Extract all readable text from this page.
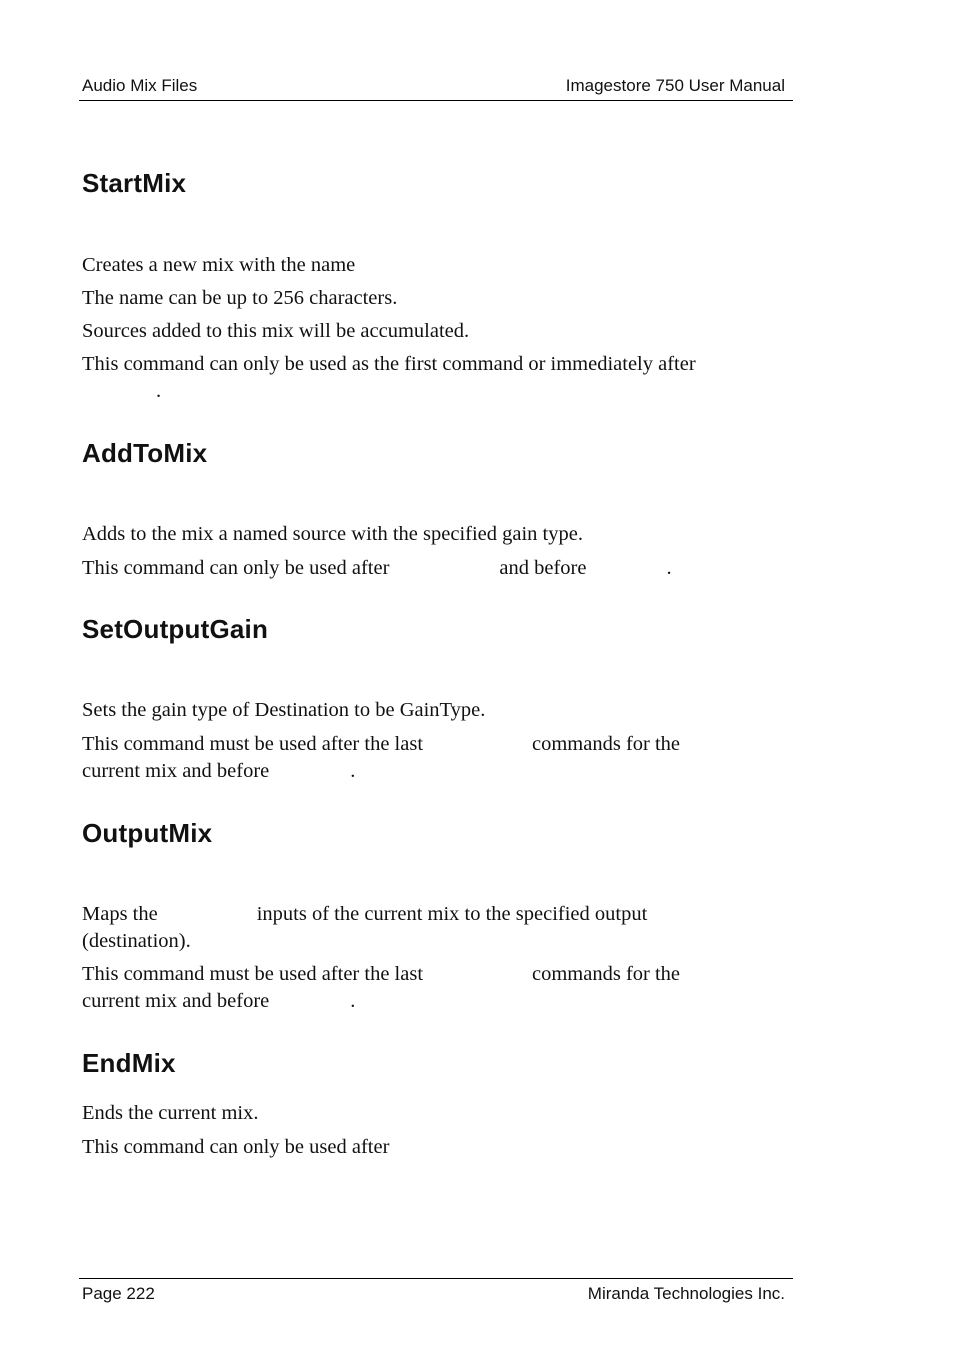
Audio Mix Files	Imagestore 750 User Manual
StartMix

Creates a new mix with the name

The name can be up to 256 characters.

Sources added to this mix will be accumulated.

This command can only be used as the first command or immediately after
.

AddToMix

Adds to the mix a named source with the specified gain type.

This command can only be used after	and before	.

SetOutputGain

Sets the gain type of Destination to be GainType.

This command must be used after the last	commands for the
current mix and before	.

OutputMix

Maps the	inputs of the current mix to the specified output
(destination).

This command must be used after the last	commands for the
current mix and before	.

EndMix

Ends the current mix.

This command can only be used after

Page 222	Miranda Technologies Inc.
